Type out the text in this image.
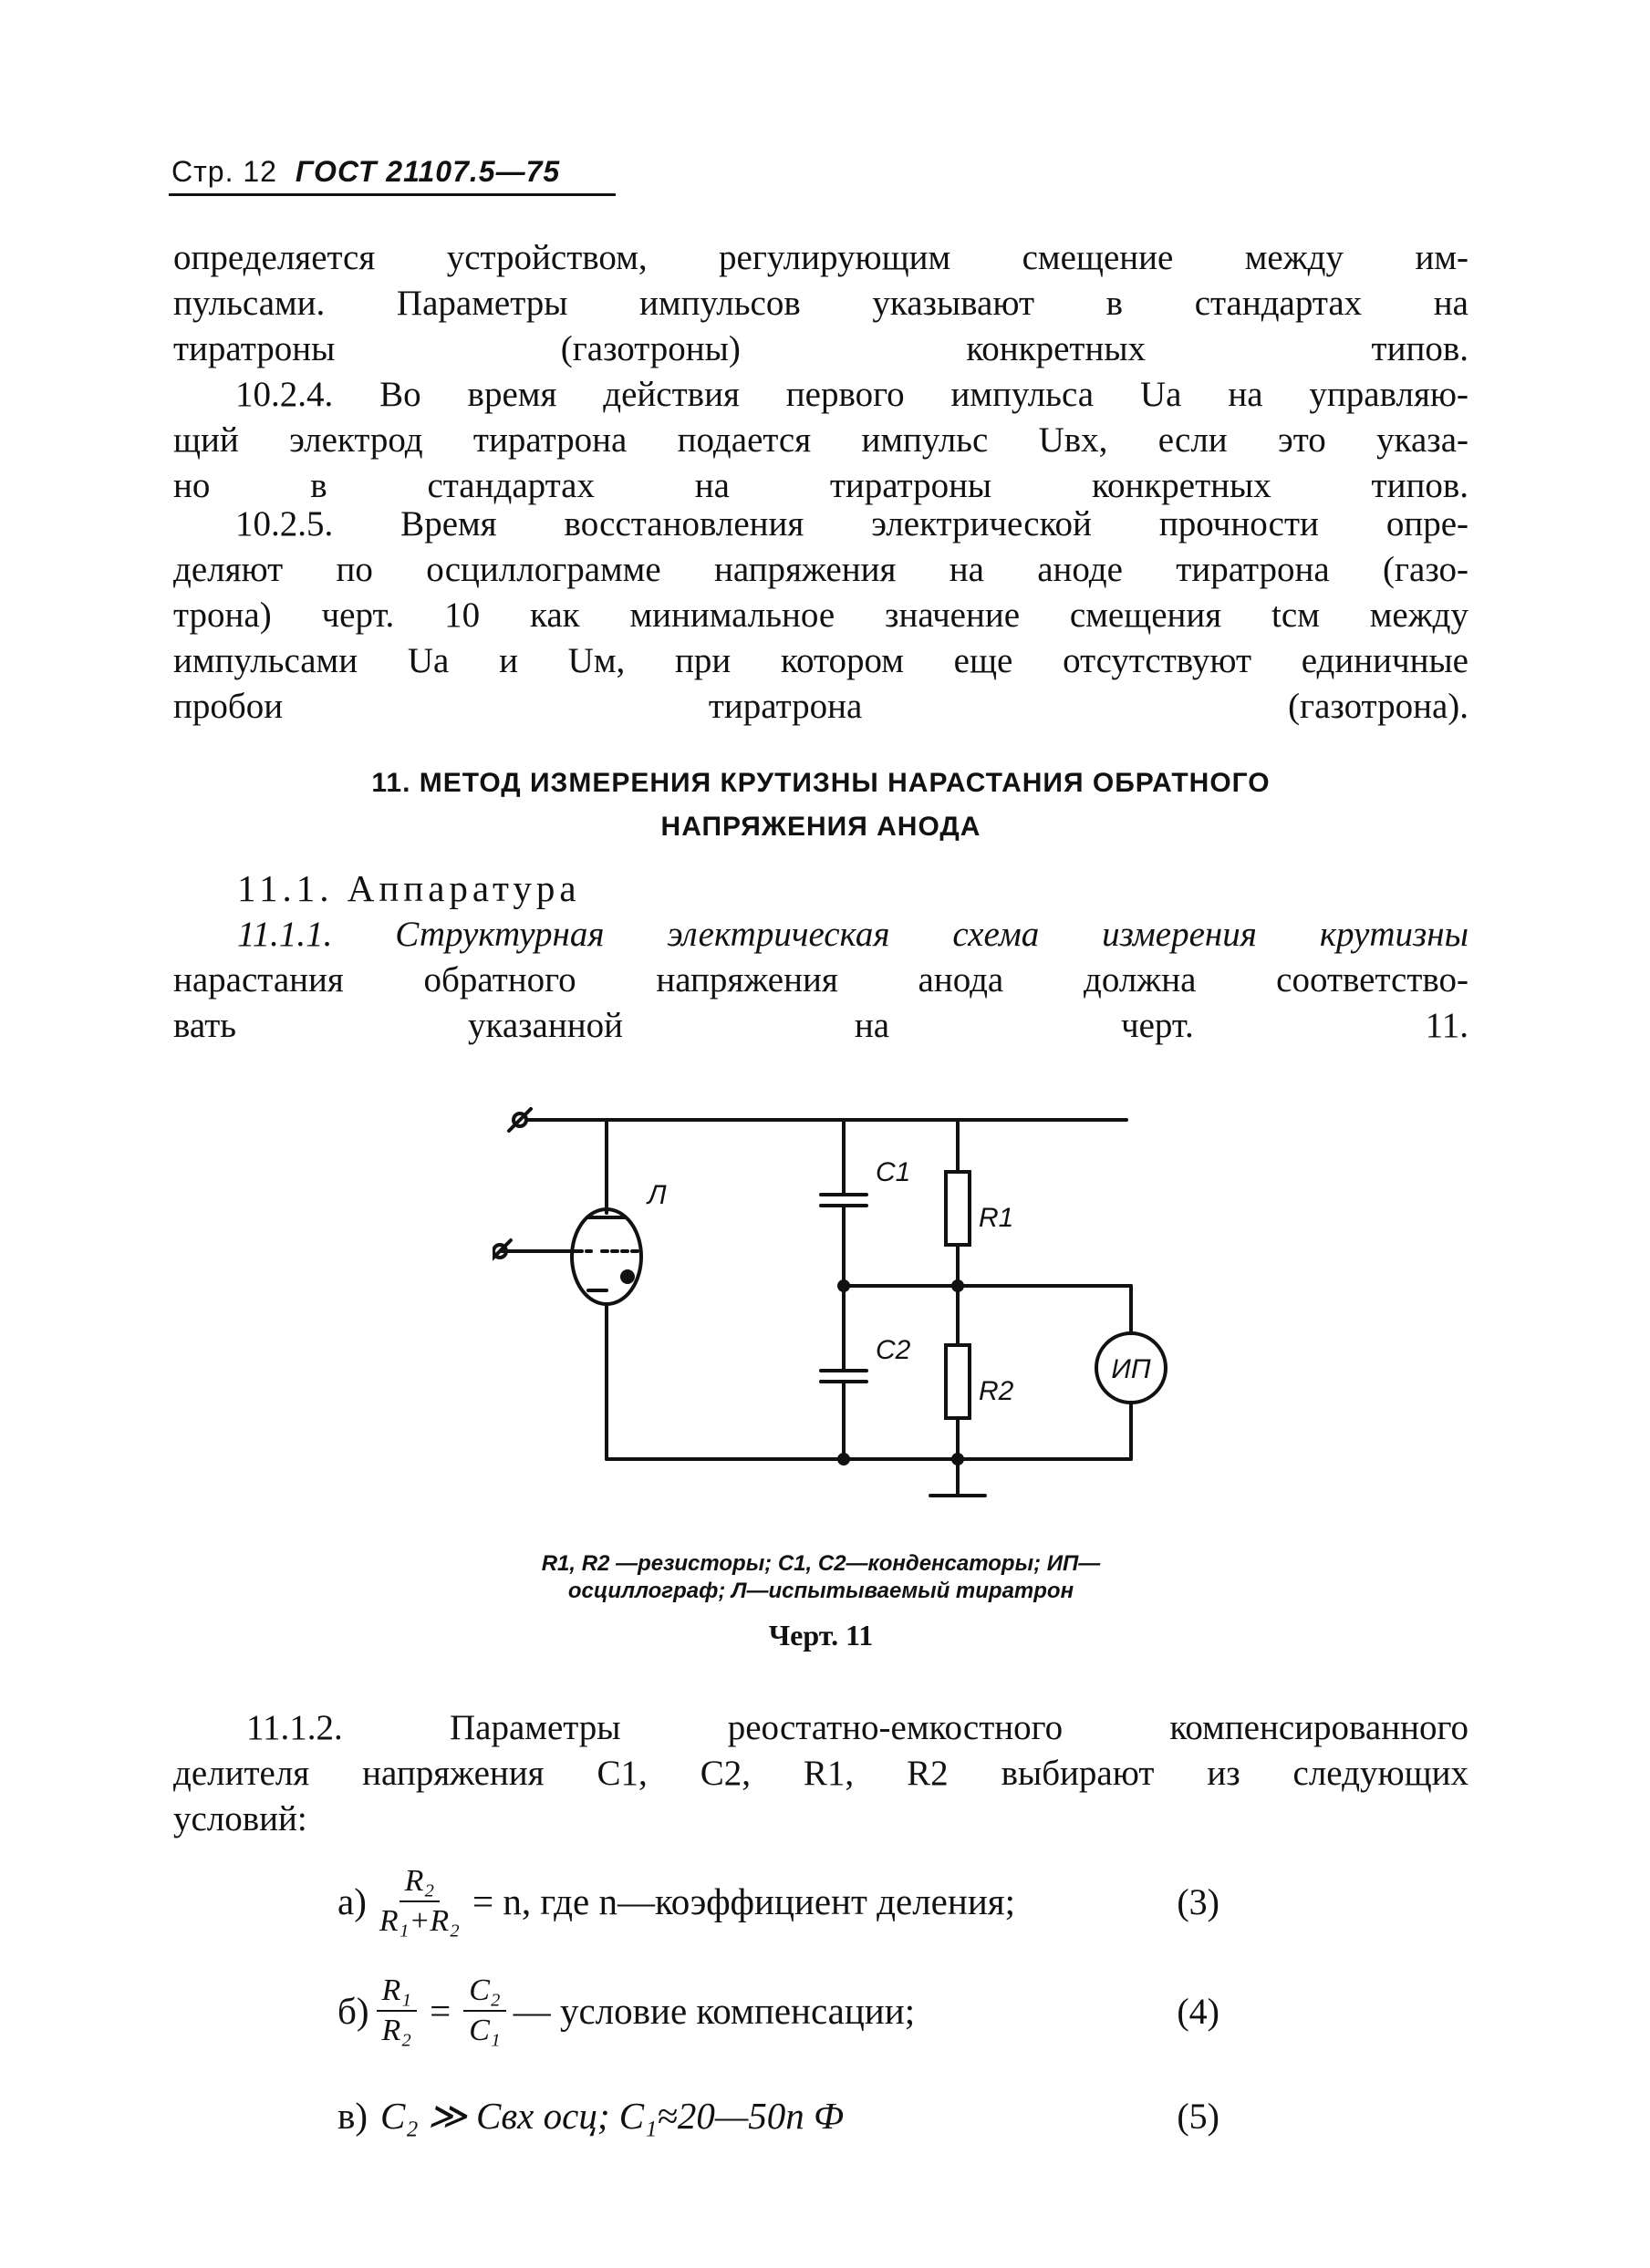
Стр. 12 ГОСТ 21107.5—75
определяется устройством, регулирующим смещение между им-
пульсами. Параметры импульсов указывают в стандартах на
тиратроны (газотроны) конкретных типов.
10.2.4. Во время действия первого импульса Uа на управляю-
щий электрод тиратрона подается импульс Uвх, если это указа-
но в стандартах на тиратроны конкретных типов.
10.2.5. Время восстановления электрической прочности опре-
деляют по осциллограмме напряжения на аноде тиратрона (газо-
трона) черт. 10 как минимальное значение смещения tсм между
импульсами Uа и Uм, при котором еще отсутствуют единичные
пробои тиратрона (газотрона).
11. МЕТОД ИЗМЕРЕНИЯ КРУТИЗНЫ НАРАСТАНИЯ ОБРАТНОГО
НАПРЯЖЕНИЯ АНОДА
11.1. Аппаратура
11.1.1. Структурная электрическая схема измерения крутизны
нарастания обратного напряжения анода должна соответство-
вать указанной на черт. 11.
C1
C2
R1
R2
Л
ИП
R1, R2 —резисторы; C1, C2—конденсаторы; ИП—
осциллограф; Л—испытываемый тиратрон
Черт. 11
11.1.2. Параметры реостатно-емкостного компенсированного
делителя напряжения C1, C2, R1, R2 выбирают из следующих
условий:
$а) \frac{\text{R₂}}{\text{R₁+R₂}} = n$, где n—коэффициент деления;	(3)
$б) \frac{\text{R₁}}{\text{R₂}} = \frac{\text{C₂}}{\text{C₁}}$ — условие компенсации;	(4)
в) C₂ ≫ Cвх осц; C₁≈20—50п Ф	(5)
